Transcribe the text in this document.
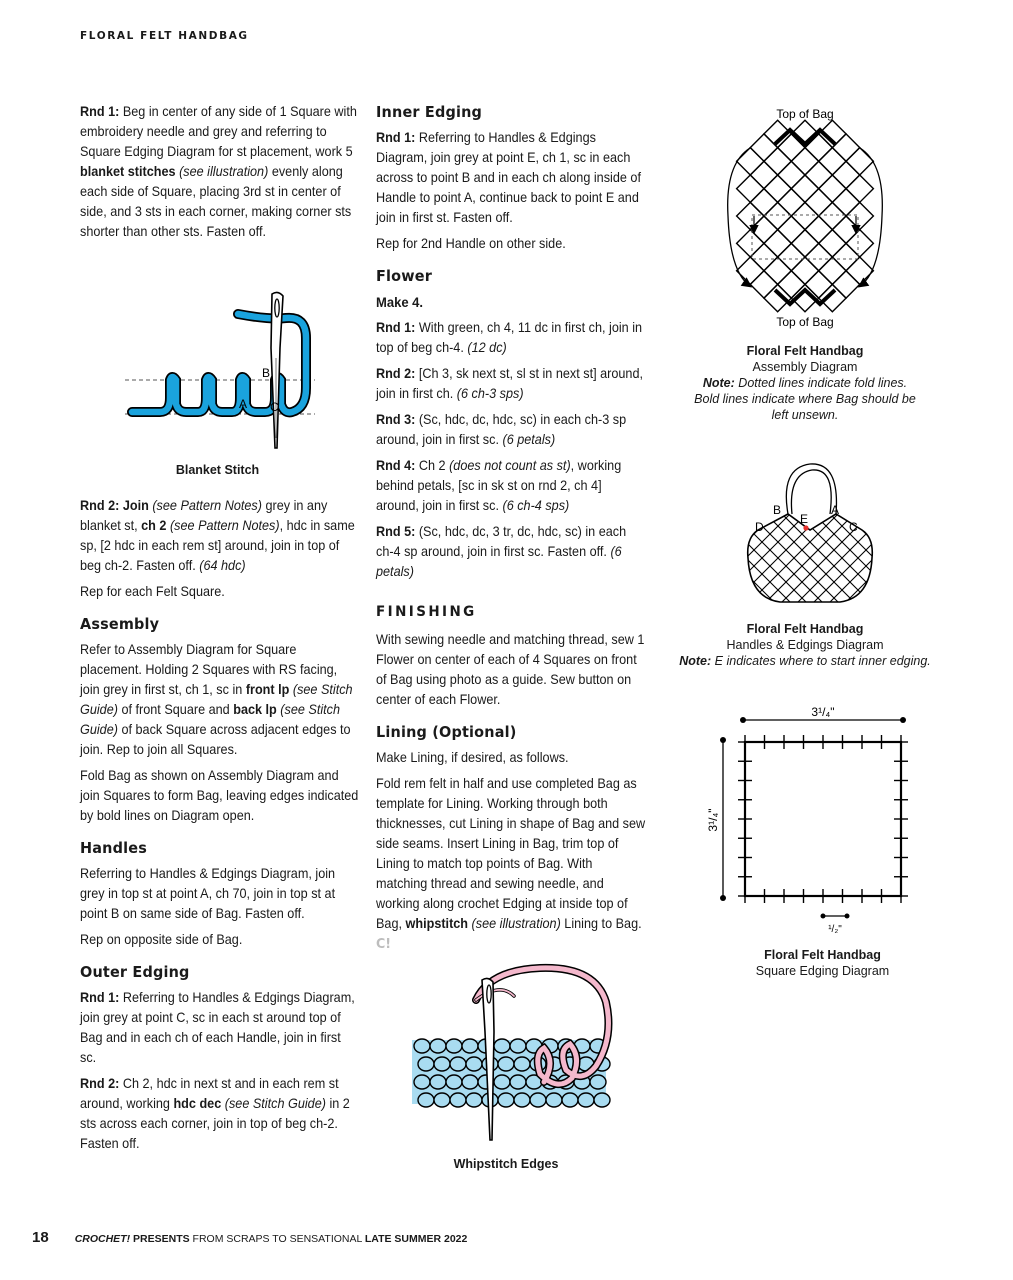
FLORAL FELT HANDBAG

Rnd 1: Beg in center of any side of 1 Square with embroidery needle and grey and referring to Square Edging Diagram for st placement, work 5 blanket stitches (see illustration) evenly along each side of Square, placing 3rd st in center of side, and 3 sts in each corner, making corner sts shorter than other sts. Fasten off.

Rnd 2: Join (see Pattern Notes) grey in any blanket st, ch 2 (see Pattern Notes), hdc in same sp, [2 hdc in each rem st] around, join in top of beg ch-2. Fasten off. (64 hdc)

Rep for each Felt Square.

Assembly

Refer to Assembly Diagram for Square placement. Holding 2 Squares with RS facing, join grey in first st, ch 1, sc in front lp (see Stitch Guide) of front Square and back lp (see Stitch Guide) of back Square across adjacent edges to join. Rep to join all Squares.

Fold Bag as shown on Assembly Diagram and join Squares to form Bag, leaving edges indicated by bold lines on Diagram open.

Handles

Referring to Handles & Edgings Diagram, join grey in top st at point A, ch 70, join in top st at point B on same side of Bag. Fasten off.

Rep on opposite side of Bag.

Outer Edging

Rnd 1: Referring to Handles & Edgings Diagram, join grey at point C, sc in each st around top of Bag and in each ch of each Handle, join in first sc.

Rnd 2: Ch 2, hdc in next st and in each rem st around, working hdc dec (see Stitch Guide) in 2 sts across each corner, join in top of beg ch-2. Fasten off.

Inner Edging

Rnd 1: Referring to Handles & Edgings Diagram, join grey at point E, ch 1, sc in each across to point B and in each ch along inside of Handle to point A, continue back to point E and join in first st. Fasten off.

Rep for 2nd Handle on other side.

Flower
Make 4.

Rnd 1: With green, ch 4, 11 dc in first ch, join in top of beg ch-4. (12 dc)

Rnd 2: [Ch 3, sk next st, sl st in next st] around, join in first ch. (6 ch-3 sps)

Rnd 3: (Sc, hdc, dc, hdc, sc) in each ch-3 sp around, join in first sc. (6 petals)

Rnd 4: Ch 2 (does not count as st), working behind petals, [sc in sk st on rnd 2, ch 4] around, join in first sc. (6 ch-4 sps)

Rnd 5: (Sc, hdc, dc, 3 tr, dc, hdc, sc) in each ch-4 sp around, join in first sc. Fasten off. (6 petals)

FINISHING

With sewing needle and matching thread, sew 1 Flower on center of each of 4 Squares on front of Bag using photo as a guide. Sew button on center of each Flower.

Lining (Optional)

Make Lining, if desired, as follows.

Fold rem felt in half and use completed Bag as template for Lining. Working through both thicknesses, cut Lining in shape of Bag and sew side seams. Insert Lining in Bag, trim top of Lining to match top points of Bag. With matching thread and sewing needle, and working along crochet Edging at inside top of Bag, whipstitch (see illustration) Lining to Bag. C!

B
A C
Blanket Stitch
Whipstitch Edges
Top of Bag
Top of Bag
Floral Felt Handbag
Assembly Diagram
Note: Dotted lines indicate fold lines. Bold lines indicate where Bag should be left unsewn.
B
D
E
A
C
Floral Felt Handbag
Handles & Edgings Diagram
Note: E indicates where to start inner edging.
3¹/₄"
3¹/₄"
¹/₂"
Floral Felt Handbag
Square Edging Diagram
18 CROCHET! PRESENTS FROM SCRAPS TO SENSATIONAL LATE SUMMER 2022
